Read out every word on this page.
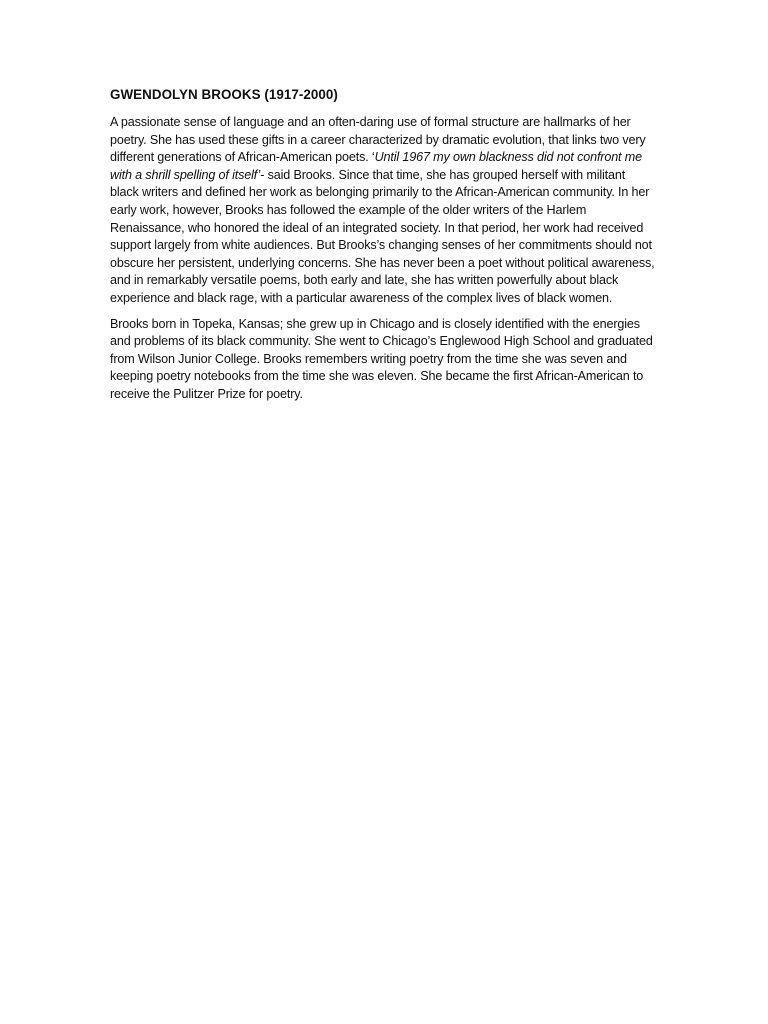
GWENDOLYN BROOKS (1917-2000)

A passionate sense of language and an often-daring use of formal structure are hallmarks of her poetry. She has used these gifts in a career characterized by dramatic evolution, that links two very different generations of African-American poets. ‘Until 1967 my own blackness did not confront me with a shrill spelling of itself’- said Brooks. Since that time, she has grouped herself with militant black writers and defined her work as belonging primarily to the African-American community. In her early work, however, Brooks has followed the example of the older writers of the Harlem Renaissance, who honored the ideal of an integrated society. In that period, her work had received support largely from white audiences. But Brooks’s changing senses of her commitments should not obscure her persistent, underlying concerns. She has never been a poet without political awareness, and in remarkably versatile poems, both early and late, she has written powerfully about black experience and black rage, with a particular awareness of the complex lives of black women.

Brooks born in Topeka, Kansas; she grew up in Chicago and is closely identified with the energies and problems of its black community. She went to Chicago’s Englewood High School and graduated from Wilson Junior College. Brooks remembers writing poetry from the time she was seven and keeping poetry notebooks from the time she was eleven. She became the first African-American to receive the Pulitzer Prize for poetry.
